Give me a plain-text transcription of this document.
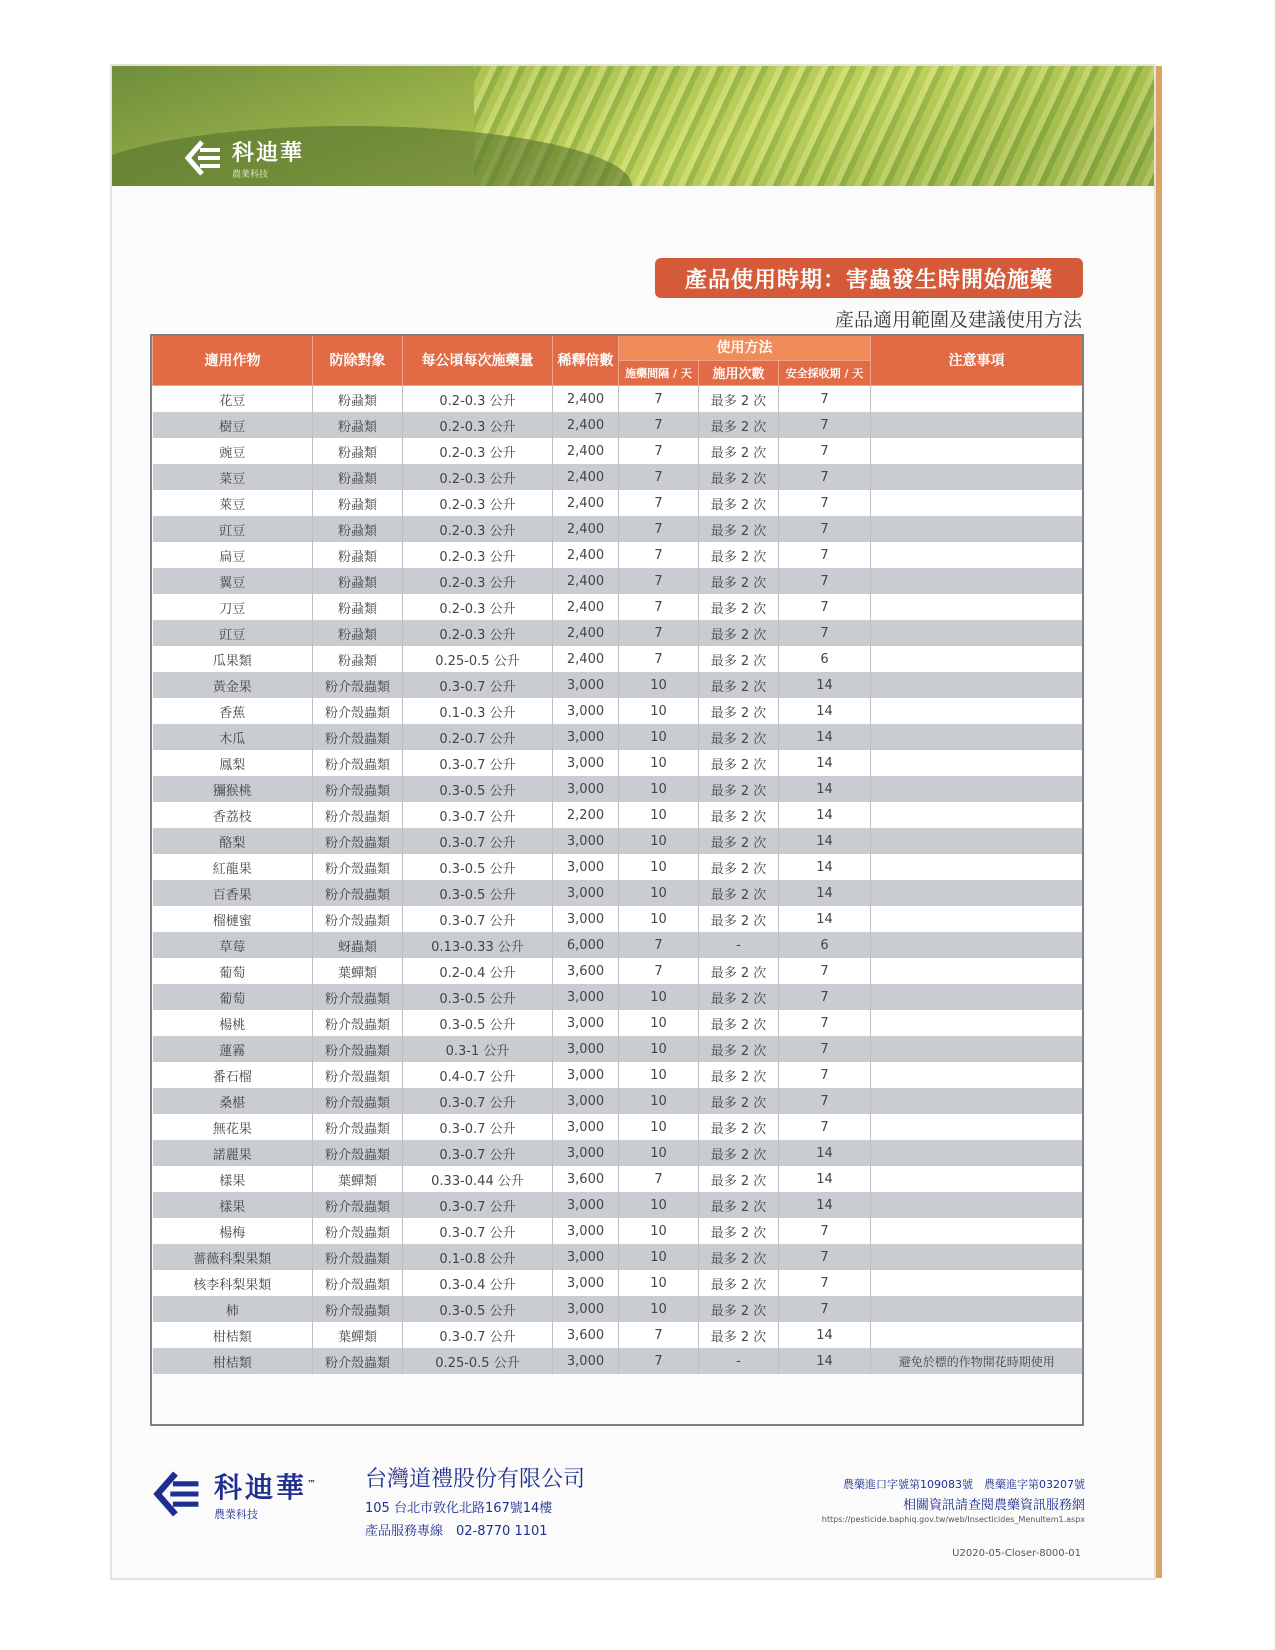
科迪華
農業科技
產品使用時期：害蟲發生時開始施藥
產品適用範圍及建議使用方法
適用作物	防除對象	每公頃每次施藥量	稀釋倍數	使用方法			注意事項
				施藥間隔 / 天	施用次數	安全採收期 / 天	
花豆	粉蝨類	0.2-0.3 公升	2,400	7	最多 2 次	7	
樹豆	粉蝨類	0.2-0.3 公升	2,400	7	最多 2 次	7	
豌豆	粉蝨類	0.2-0.3 公升	2,400	7	最多 2 次	7	
菜豆	粉蝨類	0.2-0.3 公升	2,400	7	最多 2 次	7	
萊豆	粉蝨類	0.2-0.3 公升	2,400	7	最多 2 次	7	
豇豆	粉蝨類	0.2-0.3 公升	2,400	7	最多 2 次	7	
扁豆	粉蝨類	0.2-0.3 公升	2,400	7	最多 2 次	7	
翼豆	粉蝨類	0.2-0.3 公升	2,400	7	最多 2 次	7	
刀豆	粉蝨類	0.2-0.3 公升	2,400	7	最多 2 次	7	
豇豆	粉蝨類	0.2-0.3 公升	2,400	7	最多 2 次	7	
瓜果類	粉蝨類	0.25-0.5 公升	2,400	7	最多 2 次	6	
黃金果	粉介殼蟲類	0.3-0.7 公升	3,000	10	最多 2 次	14	
香蕉	粉介殼蟲類	0.1-0.3 公升	3,000	10	最多 2 次	14	
木瓜	粉介殼蟲類	0.2-0.7 公升	3,000	10	最多 2 次	14	
鳳梨	粉介殼蟲類	0.3-0.7 公升	3,000	10	最多 2 次	14	
獼猴桃	粉介殼蟲類	0.3-0.5 公升	3,000	10	最多 2 次	14	
香荔枝	粉介殼蟲類	0.3-0.7 公升	2,200	10	最多 2 次	14	
酪梨	粉介殼蟲類	0.3-0.7 公升	3,000	10	最多 2 次	14	
紅龍果	粉介殼蟲類	0.3-0.5 公升	3,000	10	最多 2 次	14	
百香果	粉介殼蟲類	0.3-0.5 公升	3,000	10	最多 2 次	14	
榴槤蜜	粉介殼蟲類	0.3-0.7 公升	3,000	10	最多 2 次	14	
草莓	蚜蟲類	0.13-0.33 公升	6,000	7	-	6	
葡萄	葉蟬類	0.2-0.4 公升	3,600	7	最多 2 次	7	
葡萄	粉介殼蟲類	0.3-0.5 公升	3,000	10	最多 2 次	7	
楊桃	粉介殼蟲類	0.3-0.5 公升	3,000	10	最多 2 次	7	
蓮霧	粉介殼蟲類	0.3-1 公升	3,000	10	最多 2 次	7	
番石榴	粉介殼蟲類	0.4-0.7 公升	3,000	10	最多 2 次	7	
桑椹	粉介殼蟲類	0.3-0.7 公升	3,000	10	最多 2 次	7	
無花果	粉介殼蟲類	0.3-0.7 公升	3,000	10	最多 2 次	7	
諾麗果	粉介殼蟲類	0.3-0.7 公升	3,000	10	最多 2 次	14	
樣果	葉蟬類	0.33-0.44 公升	3,600	7	最多 2 次	14	
樣果	粉介殼蟲類	0.3-0.7 公升	3,000	10	最多 2 次	14	
楊梅	粉介殼蟲類	0.3-0.7 公升	3,000	10	最多 2 次	7	
薔薇科梨果類	粉介殼蟲類	0.1-0.8 公升	3,000	10	最多 2 次	7	
核李科梨果類	粉介殼蟲類	0.3-0.4 公升	3,000	10	最多 2 次	7	
柿	粉介殼蟲類	0.3-0.5 公升	3,000	10	最多 2 次	7	
柑桔類	葉蟬類	0.3-0.7 公升	3,600	7	最多 2 次	14	
柑桔類	粉介殼蟲類	0.25-0.5 公升	3,000	7	-	14	避免於標的作物開花時期使用
科迪華™
農業科技
台灣道禮股份有限公司
105 台北市敦化北路167號14樓
產品服務專線　02-8770 1101
農藥進口字號第109083號　農藥進字第03207號
相關資訊請查閱農藥資訊服務網
https://pesticide.baphiq.gov.tw/web/Insecticides_Menultem1.aspx
U2020-05-Closer-8000-01
